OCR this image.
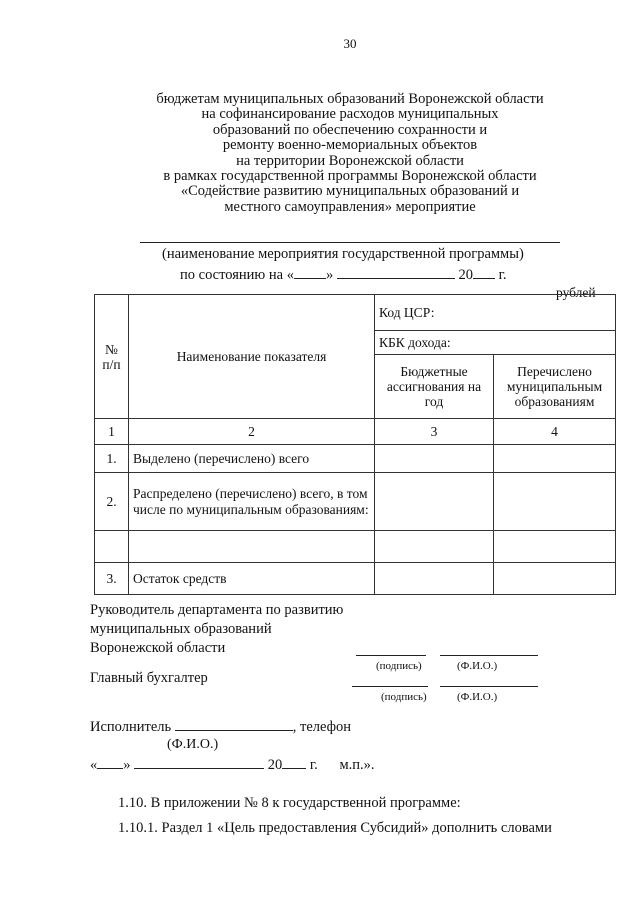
30
бюджетам муниципальных образований Воронежской области
на софинансирование расходов муниципальных
образований по обеспечению сохранности и
ремонту военно-мемориальных объектов
на территории Воронежской области
в рамках государственной программы Воронежской области
«Содействие развитию муниципальных образований и
местного самоуправления» мероприятие
(наименование мероприятия государственной программы)
по состоянию на « »	20 г.
рублей
№
п/п	Наименование показателя	Код ЦСР:	
		КБК дохода:	
		Бюджетные ассигнования на год	Перечислено муниципальным образованиям
1	2	3	4
1.	Выделено (перечислено) всего		
2.	Распределено (перечислено) всего, в том числе по муниципальным образованиям:		

3.	Остаток средств		
Руководитель департамента по развитию
муниципальных образований
Воронежской области
(подпись)	(Ф.И.О.)
Главный бухгалтер
(подпись)	(Ф.И.О.)
Исполнитель	, телефон
(Ф.И.О.)
« »	20 г. м.п.».
1.10. В приложении № 8 к государственной программе:
1.10.1. Раздел 1 «Цель предоставления Субсидий» дополнить словами
